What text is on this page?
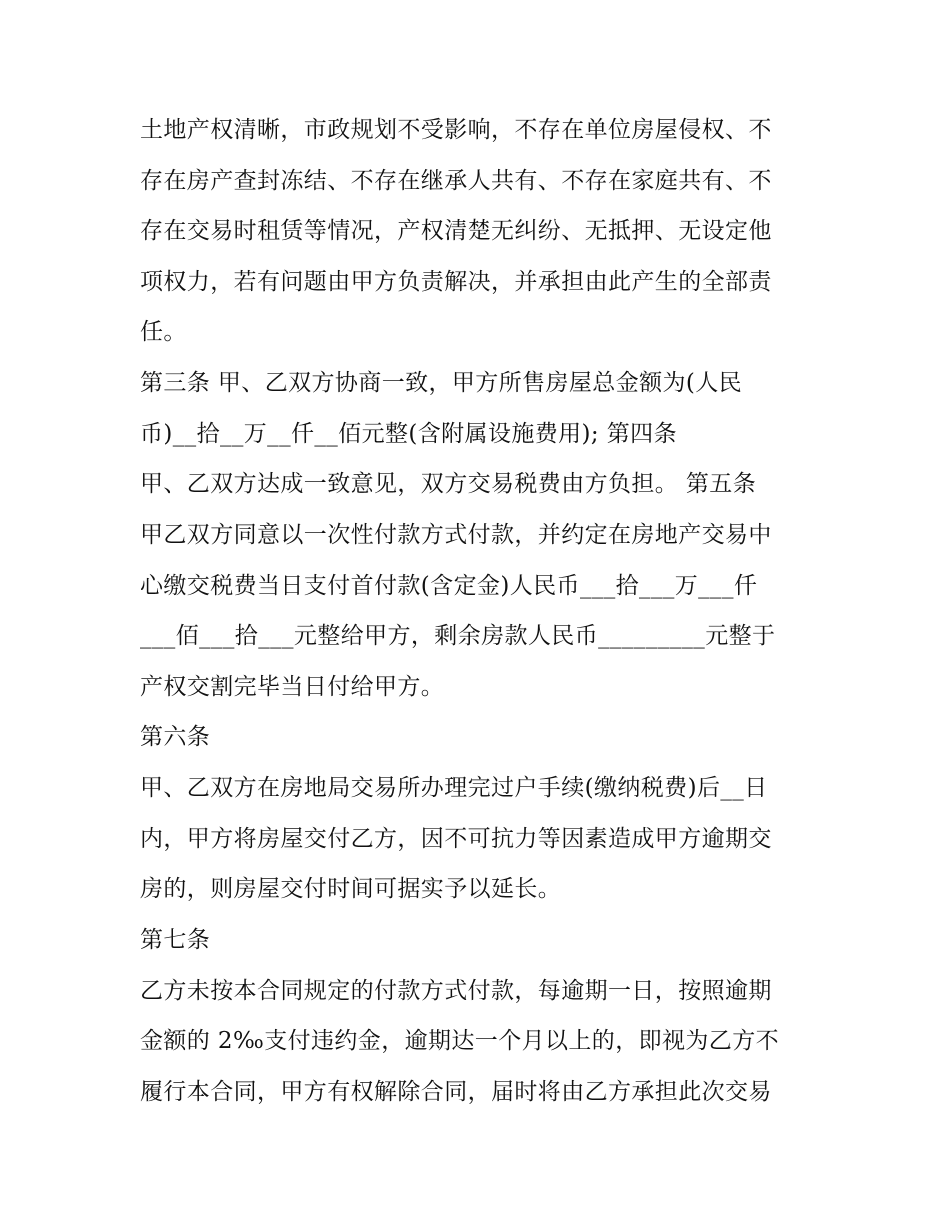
土地产权清晰，市政规划不受影响，不存在单位房屋侵权、不
存在房产查封冻结、不存在继承人共有、不存在家庭共有、不
存在交易时租赁等情况，产权清楚无纠纷、无抵押、无设定他
项权力，若有问题由甲方负责解决，并承担由此产生的全部责
任。
第三条 甲、乙双方协商一致，甲方所售房屋总金额为(人民
币)__拾__万__仟__佰元整(含附属设施费用); 第四条
甲、乙双方达成一致意见，双方交易税费由方负担。 第五条
甲乙双方同意以一次性付款方式付款，并约定在房地产交易中
心缴交税费当日支付首付款(含定金)人民币___拾___万___仟
___佰___拾___元整给甲方，剩余房款人民币_________元整于
产权交割完毕当日付给甲方。
第六条
甲、乙双方在房地局交易所办理完过户手续(缴纳税费)后__日
内，甲方将房屋交付乙方，因不可抗力等因素造成甲方逾期交
房的，则房屋交付时间可据实予以延长。
第七条
乙方未按本合同规定的付款方式付款，每逾期一日，按照逾期
金额的 2‰支付违约金，逾期达一个月以上的，即视为乙方不
履行本合同，甲方有权解除合同，届时将由乙方承担此次交易
